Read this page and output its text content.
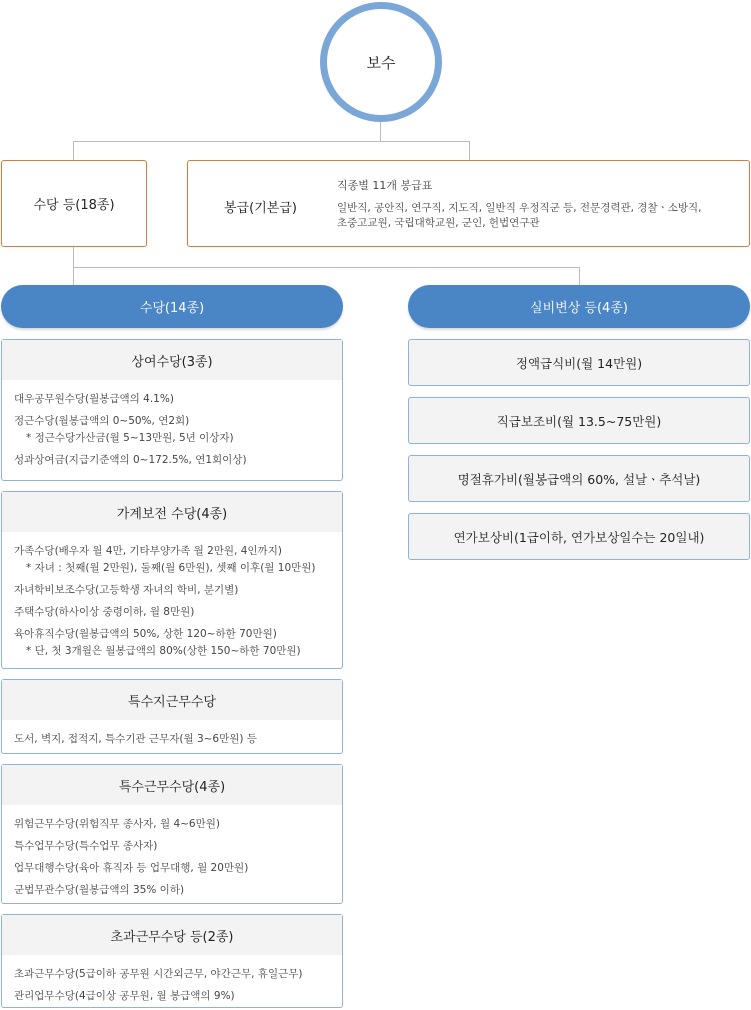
보수
수당 등(18종)	봉급(기본급)
직종별 11개 봉급표
일반직, 공안직, 연구직, 지도직, 일반직 우정직군 등, 전문경력관, 경찰ㆍ소방직,
초중고교원, 국립대학교원, 군인, 헌법연구관
수당(14종)	실비변상 등(4종)
상여수당(3종)
대우공무원수당(월봉급액의 4.1%)
정근수당(월봉급액의 0~50%, 연2회)
* 정근수당가산금(월 5~13만원, 5년 이상자)
성과상여금(지급기준액의 0~172.5%, 연1회이상)
가계보전 수당(4종)
가족수당(배우자 월 4만, 기타부양가족 월 2만원, 4인까지)
* 자녀 : 첫째(월 2만원), 둘째(월 6만원), 셋째 이후(월 10만원)
자녀학비보조수당(고등학생 자녀의 학비, 분기별)
주택수당(하사이상 중령이하, 월 8만원)
육아휴직수당(월봉급액의 50%, 상한 120~하한 70만원)
* 단, 첫 3개월은 월봉급액의 80%(상한 150~하한 70만원)
특수지근무수당
도서, 벽지, 접적지, 특수기관 근무자(월 3~6만원) 등
특수근무수당(4종)
위험근무수당(위험직무 종사자, 월 4~6만원)
특수업무수당(특수업무 종사자)
업무대행수당(육아 휴직자 등 업무대행, 월 20만원)
군법무관수당(월봉급액의 35% 이하)
초과근무수당 등(2종)
초과근무수당(5급이하 공무원 시간외근무, 야간근무, 휴일근무)
관리업무수당(4급이상 공무원, 월 봉급액의 9%)
정액급식비(월 14만원)
직급보조비(월 13.5~75만원)
명절휴가비(월봉급액의 60%, 설날ㆍ추석날)
연가보상비(1급이하, 연가보상일수는 20일내)
